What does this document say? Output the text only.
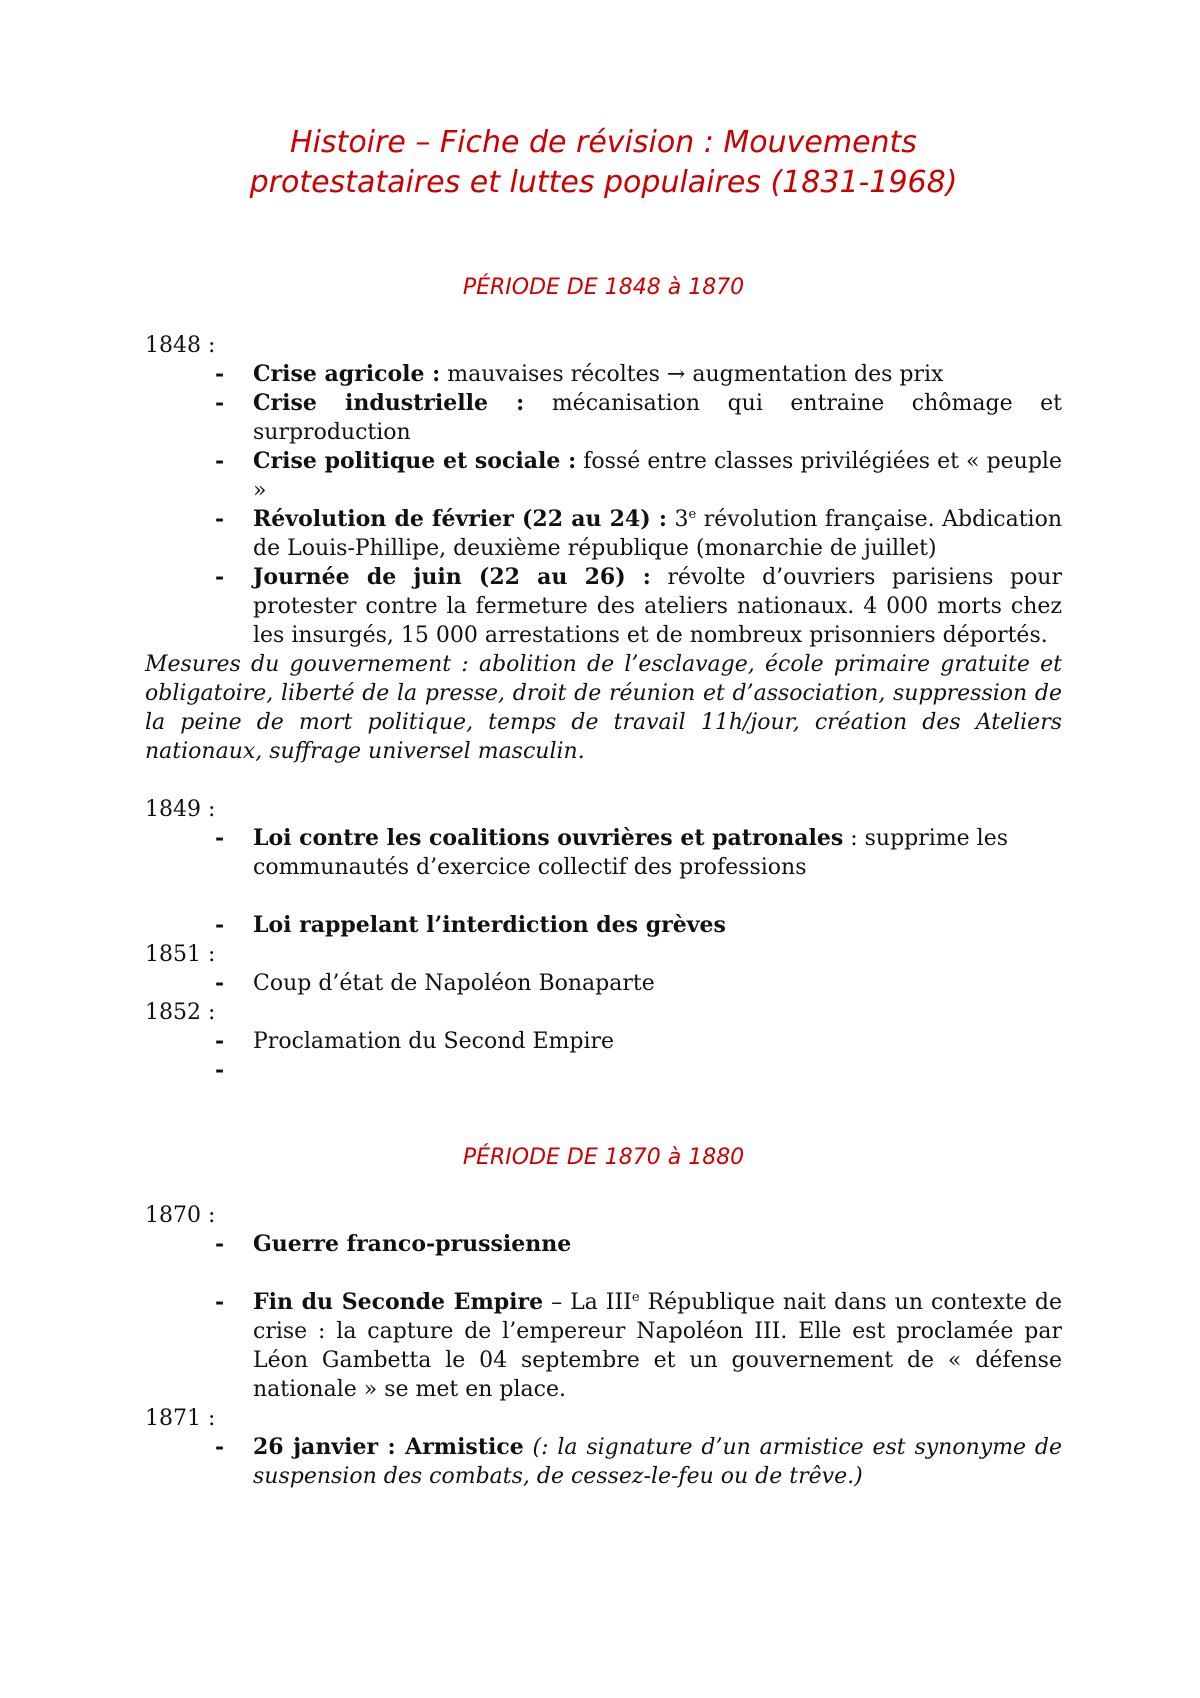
Histoire – Fiche de révision : Mouvements
protestataires et luttes populaires (1831-1968)
PÉRIODE DE 1848 à 1870
1848 :
- Crise agricole : mauvaises récoltes → augmentation des prix
- Crise industrielle : mécanisation qui entraine chômage et surproduction
- Crise politique et sociale : fossé entre classes privilégiées et « peuple »
- Révolution de février (22 au 24) : 3e révolution française. Abdication de Louis-Phillipe, deuxième république (monarchie de juillet)
- Journée de juin (22 au 26) : révolte d’ouvriers parisiens pour protester contre la fermeture des ateliers nationaux. 4 000 morts chez les insurgés, 15 000 arrestations et de nombreux prisonniers déportés.
Mesures du gouvernement : abolition de l’esclavage, école primaire gratuite et obligatoire, liberté de la presse, droit de réunion et d’association, suppression de la peine de mort politique, temps de travail 11h/jour, création des Ateliers nationaux, suffrage universel masculin.
1849 :
- Loi contre les coalitions ouvrières et patronales : supprime les communautés d’exercice collectif des professions
- Loi rappelant l’interdiction des grèves
1851 :
- Coup d’état de Napoléon Bonaparte
1852 :
- Proclamation du Second Empire
-

PÉRIODE DE 1870 à 1880
1870 :
- Guerre franco-prussienne
- Fin du Seconde Empire – La IIIe République nait dans un contexte de crise : la capture de l’empereur Napoléon III. Elle est proclamée par Léon Gambetta le 04 septembre et un gouvernement de « défense nationale » se met en place.
1871 :
- 26 janvier : Armistice (: la signature d’un armistice est synonyme de suspension des combats, de cessez-le-feu ou de trêve.)
